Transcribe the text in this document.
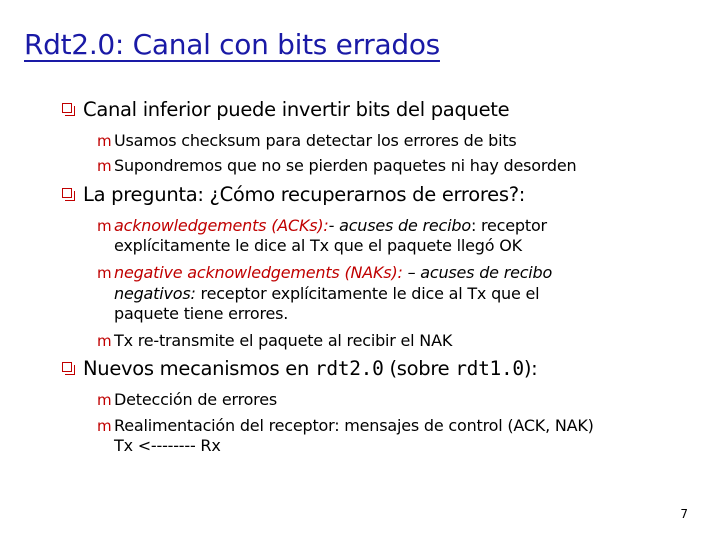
Rdt2.0: Canal con bits errados
Canal inferior puede invertir bits del paquete
m Usamos checksum para detectar los errores de bits
m Supondremos que no se pierden paquetes ni hay desorden
La pregunta: ¿Cómo recuperarnos de errores?:
m acknowledgements (ACKs):- acuses de recibo: receptor
explícitamente le dice al Tx que el paquete llegó OK
m negative acknowledgements (NAKs): – acuses de recibo
negativos: receptor explícitamente le dice al Tx que el
paquete tiene errores.
m Tx re-transmite el paquete al recibir el NAK
Nuevos mecanismos en rdt2.0 (sobre rdt1.0):
m Detección de errores
m Realimentación del receptor: mensajes de control (ACK, NAK)
Tx <-------- Rx
7
